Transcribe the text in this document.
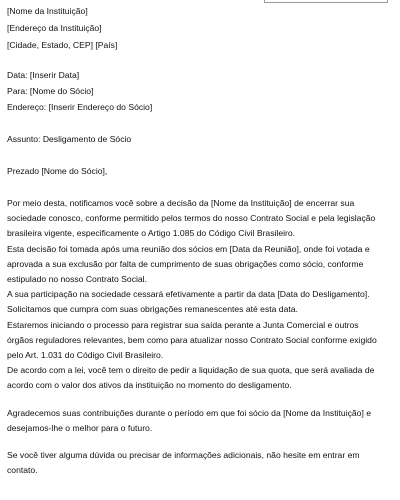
[Nome da Instituição]
[Endereço da Instituição]
[Cidade, Estado, CEP] [País]
Data: [Inserir Data]
Para: [Nome do Sócio]
Endereço: [Inserir Endereço do Sócio]
Assunto: Desligamento de Sócio
Prezado [Nome do Sócio],
Por meio desta, notificamos você sobre a decisão da [Nome da Instituição] de encerrar sua
sociedade conosco, conforme permitido pelos termos do nosso Contrato Social e pela legislação
brasileira vigente, especificamente o Artigo 1.085 do Código Civil Brasileiro.
Esta decisão foi tomada após uma reunião dos sócios em [Data da Reunião], onde foi votada e
aprovada a sua exclusão por falta de cumprimento de suas obrigações como sócio, conforme
estipulado no nosso Contrato Social.
A sua participação na sociedade cessará efetivamente a partir da data [Data do Desligamento].
Solicitamos que cumpra com suas obrigações remanescentes até esta data.
Estaremos iniciando o processo para registrar sua saída perante a Junta Comercial e outros
órgãos reguladores relevantes, bem como para atualizar nosso Contrato Social conforme exigido
pelo Art. 1.031 do Código Civil Brasileiro.
De acordo com a lei, você tem o direito de pedir a liquidação de sua quota, que será avaliada de
acordo com o valor dos ativos da instituição no momento do desligamento.
Agradecemos suas contribuições durante o período em que foi sócio da [Nome da Instituição] e
desejamos-lhe o melhor para o futuro.
Se você tiver alguma dúvida ou precisar de informações adicionais, não hesite em entrar em
contato.
